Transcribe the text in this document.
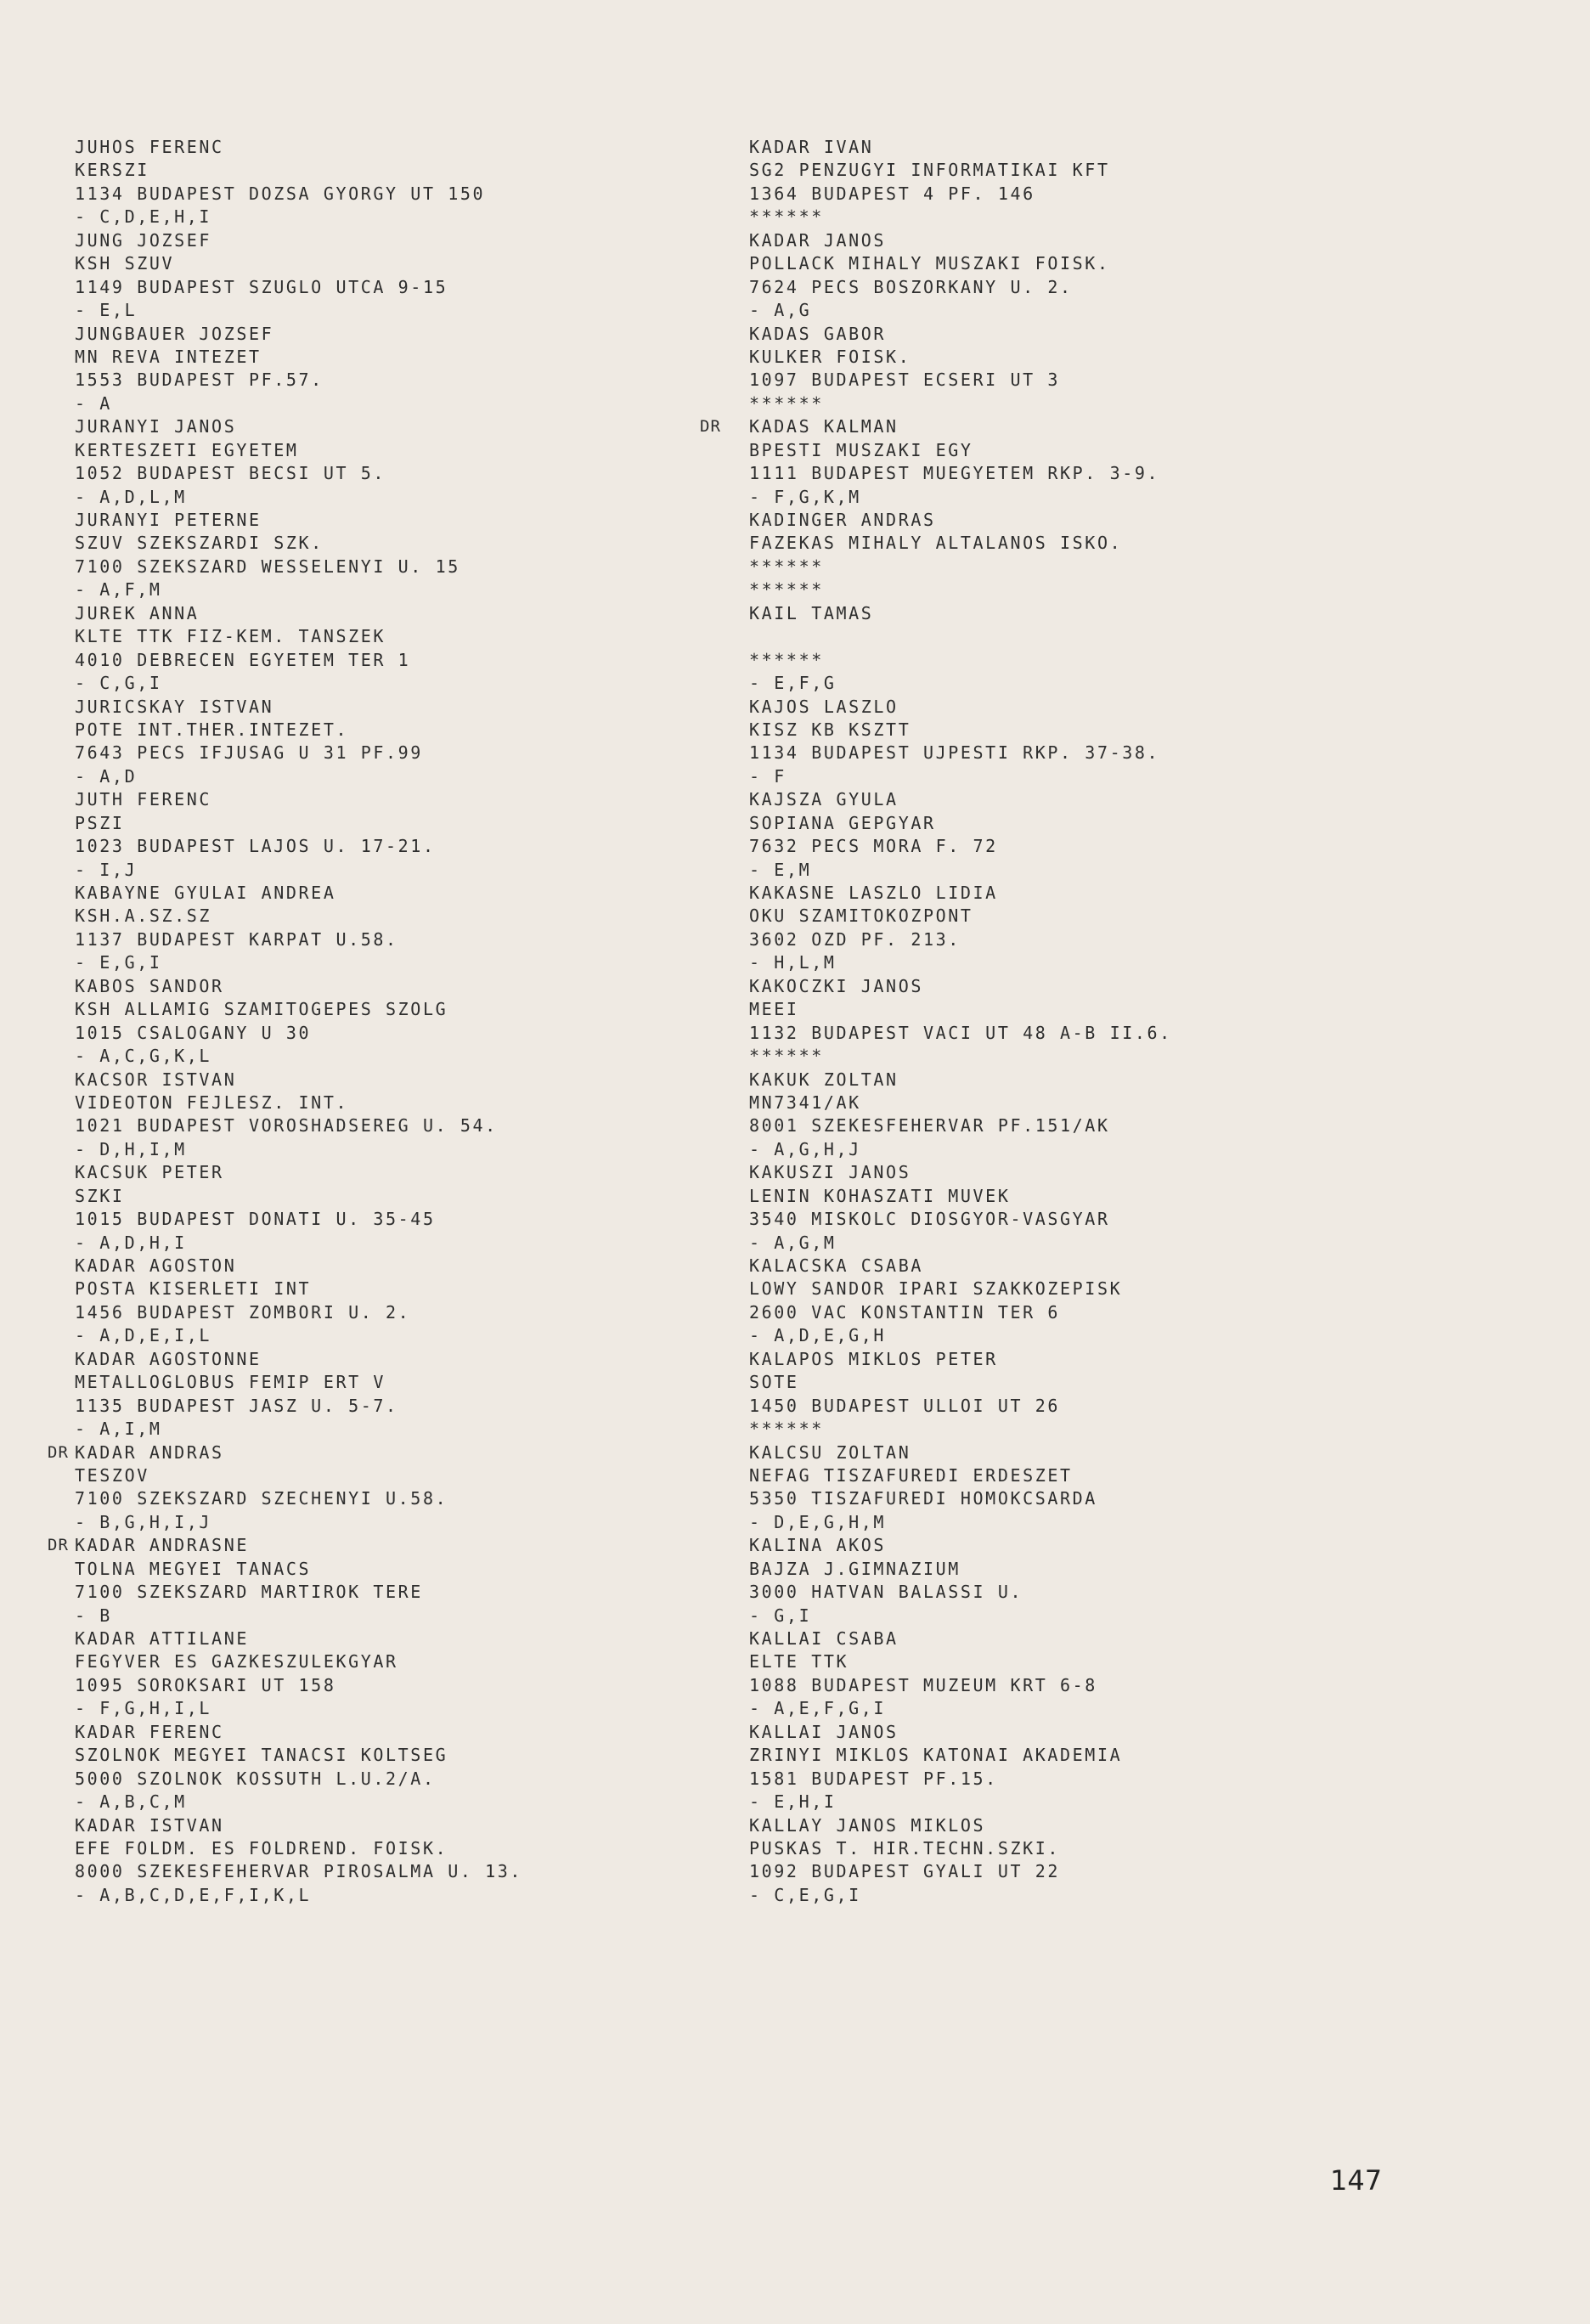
JUHOS FERENC
KERSZI
1134 BUDAPEST DOZSA GYORGY UT 150
- C,D,E,H,I
JUNG JOZSEF
KSH SZUV
1149 BUDAPEST SZUGLO UTCA 9-15
- E,L
JUNGBAUER JOZSEF
MN REVA INTEZET
1553 BUDAPEST PF.57.
- A
JURANYI JANOS
KERTESZETI EGYETEM
1052 BUDAPEST BECSI UT 5.
- A,D,L,M
JURANYI PETERNE
SZUV SZEKSZARDI SZK.
7100 SZEKSZARD WESSELENYI U. 15
- A,F,M
JUREK ANNA
KLTE TTK FIZ-KEM. TANSZEK
4010 DEBRECEN EGYETEM TER 1
- C,G,I
JURICSKAY ISTVAN
POTE INT.THER.INTEZET.
7643 PECS IFJUSAG U 31 PF.99
- A,D
JUTH FERENC
PSZI
1023 BUDAPEST LAJOS U. 17-21.
- I,J
KABAYNE GYULAI ANDREA
KSH.A.SZ.SZ
1137 BUDAPEST KARPAT U.58.
- E,G,I
KABOS SANDOR
KSH ALLAMIG SZAMITOGEPES SZOLG
1015 CSALOGANY U 30
- A,C,G,K,L
KACSOR ISTVAN
VIDEOTON FEJLESZ. INT.
1021 BUDAPEST VOROSHADSEREG U. 54.
- D,H,I,M
KACSUK PETER
SZKI
1015 BUDAPEST DONATI U. 35-45
- A,D,H,I
KADAR AGOSTON
POSTA KISERLETI INT
1456 BUDAPEST ZOMBORI U. 2.
- A,D,E,I,L
KADAR AGOSTONNE
METALLOGLOBUS FEMIP ERT V
1135 BUDAPEST JASZ U. 5-7.
- A,I,M
DR KADAR ANDRAS
TESZOV
7100 SZEKSZARD SZECHENYI U.58.
- B,G,H,I,J
DR KADAR ANDRASNE
TOLNA MEGYEI TANACS
7100 SZEKSZARD MARTIROK TERE
- B
KADAR ATTILANE
FEGYVER ES GAZKESZULEKGYAR
1095 SOROKSARI UT 158
- F,G,H,I,L
KADAR FERENC
SZOLNOK MEGYEI TANACSI KOLTSEG
5000 SZOLNOK KOSSUTH L.U.2/A.
- A,B,C,M
KADAR ISTVAN
EFE FOLDM. ES FOLDREND. FOISK.
8000 SZEKESFEHERVAR PIROSALMA U. 13.
- A,B,C,D,E,F,I,K,L
KADAR IVAN
SG2 PENZUGYI INFORMATIKAI KFT
1364 BUDAPEST 4 PF. 146
******
KADAR JANOS
POLLACK MIHALY MUSZAKI FOISK.
7624 PECS BOSZORKANY U. 2.
- A,G
KADAS GABOR
KULKER FOISK.
1097 BUDAPEST ECSERI UT 3
******
DR KADAS KALMAN
BPESTI MUSZAKI EGY
1111 BUDAPEST MUEGYETEM RKP. 3-9.
- F,G,K,M
KADINGER ANDRAS
FAZEKAS MIHALY ALTALANOS ISKO.
******
******
KAIL TAMAS
******
- E,F,G
KAJOS LASZLO
KISZ KB KSZTT
1134 BUDAPEST UJPESTI RKP. 37-38.
- F
KAJSZA GYULA
SOPIANA GEPGYAR
7632 PECS MORA F. 72
- E,M
KAKASNE LASZLO LIDIA
OKU SZAMITOKOZPONT
3602 OZD PF. 213.
- H,L,M
KAKOCZKI JANOS
MEEI
1132 BUDAPEST VACI UT 48 A-B II.6.
******
KAKUK ZOLTAN
MN7341/AK
8001 SZEKESFEHERVAR PF.151/AK
- A,G,H,J
KAKUSZI JANOS
LENIN KOHASZATI MUVEK
3540 MISKOLC DIOSGYOR-VASGYAR
- A,G,M
KALACSKA CSABA
LOWY SANDOR IPARI SZAKKOZEPISK
2600 VAC KONSTANTIN TER 6
- A,D,E,G,H
KALAPOS MIKLOS PETER
SOTE
1450 BUDAPEST ULLOI UT 26
******
KALCSU ZOLTAN
NEFAG TISZAFUREDI ERDESZET
5350 TISZAFUREDI HOMOKCSARDA
- D,E,G,H,M
KALINA AKOS
BAJZA J.GIMNAZIUM
3000 HATVAN BALASSI U.
- G,I
KALLAI CSABA
ELTE TTK
1088 BUDAPEST MUZEUM KRT 6-8
- A,E,F,G,I
KALLAI JANOS
ZRINYI MIKLOS KATONAI AKADEMIA
1581 BUDAPEST PF.15.
- E,H,I
KALLAY JANOS MIKLOS
PUSKAS T. HIR.TECHN.SZKI.
1092 BUDAPEST GYALI UT 22
- C,E,G,I
147
